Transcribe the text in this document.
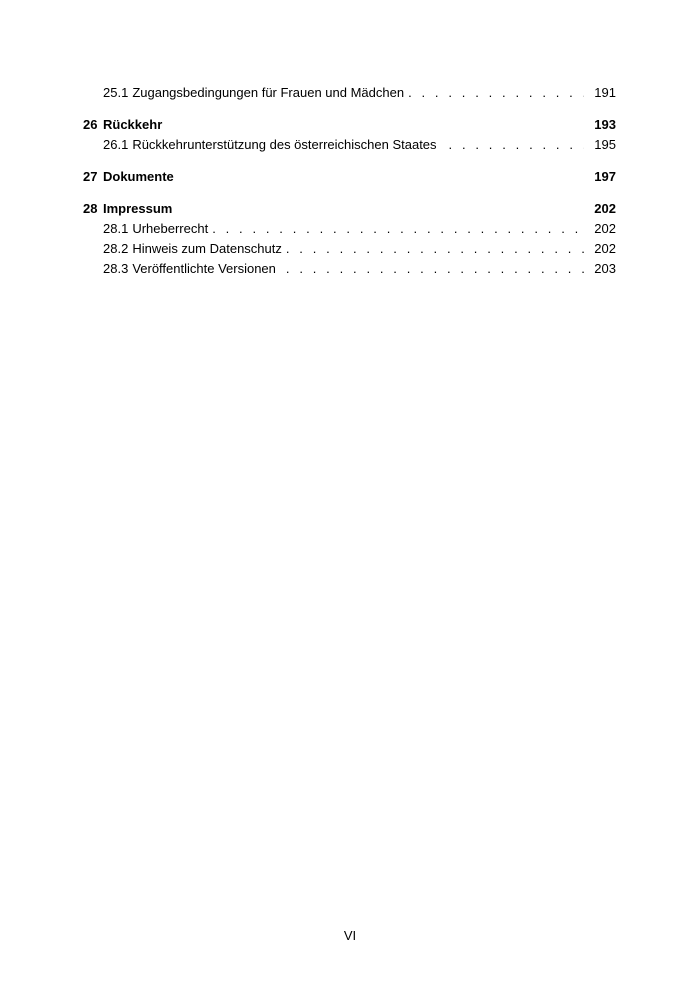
25.1 Zugangsbedingungen für Frauen und Mädchen . . .	191
26 Rückkehr	193
26.1 Rückkehrunterstützung des österreichischen Staates . . .	195
27 Dokumente	197
28 Impressum	202
28.1 Urheberrecht . . .	202
28.2 Hinweis zum Datenschutz . . .	202
28.3 Veröffentlichte Versionen . . .	203
VI
